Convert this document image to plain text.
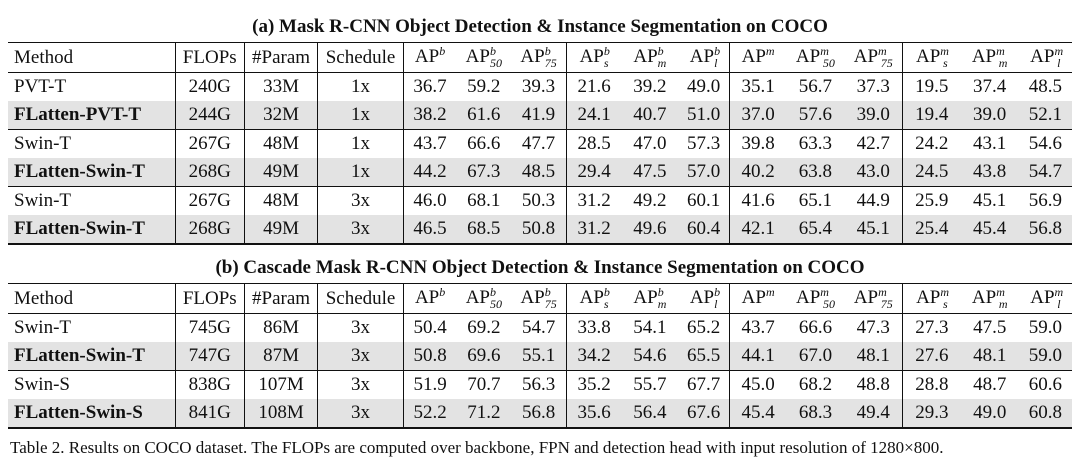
(a) Mask R-CNN Object Detection & Instance Segmentation on COCO															
Method	FLOPs	#Param	Schedule	$AP^b$	$AP^b_{50}$	$AP^b_{75}$	$AP^b_s$	$AP^b_m$	$AP^b_l$	$AP^m$	$AP^m_{50}$	$AP^m_{75}$	$AP^m_s$	$AP^m_m$	$AP^m_l$
PVT-T	240G	33M	1x	36.7	59.2	39.3	21.6	39.2	49.0	35.1	56.7	37.3	19.5	37.4	48.5
FLatten-PVT-T	244G	32M	1x	38.2	61.6	41.9	24.1	40.7	51.0	37.0	57.6	39.0	19.4	39.0	52.1
Swin-T	267G	48M	1x	43.7	66.6	47.7	28.5	47.0	57.3	39.8	63.3	42.7	24.2	43.1	54.6
FLatten-Swin-T	268G	49M	1x	44.2	67.3	48.5	29.4	47.5	57.0	40.2	63.8	43.0	24.5	43.8	54.7
Swin-T	267G	48M	3x	46.0	68.1	50.3	31.2	49.2	60.1	41.6	65.1	44.9	25.9	45.1	56.9
FLatten-Swin-T	268G	49M	3x	46.5	68.5	50.8	31.2	49.6	60.4	42.1	65.4	45.1	25.4	45.4	56.8
(b) Cascade Mask R-CNN Object Detection & Instance Segmentation on COCO															
Method	FLOPs	#Param	Schedule	$AP^b$	$AP^b_{50}$	$AP^b_{75}$	$AP^b_s$	$AP^b_m$	$AP^b_l$	$AP^m$	$AP^m_{50}$	$AP^m_{75}$	$AP^m_s$	$AP^m_m$	$AP^m_l$
Swin-T	745G	86M	3x	50.4	69.2	54.7	33.8	54.1	65.2	43.7	66.6	47.3	27.3	47.5	59.0
FLatten-Swin-T	747G	87M	3x	50.8	69.6	55.1	34.2	54.6	65.5	44.1	67.0	48.1	27.6	48.1	59.0
Swin-S	838G	107M	3x	51.9	70.7	56.3	35.2	55.7	67.7	45.0	68.2	48.8	28.8	48.7	60.6
FLatten-Swin-S	841G	108M	3x	52.2	71.2	56.8	35.6	56.4	67.6	45.4	68.3	49.4	29.3	49.0	60.8
Table 2. Results on COCO dataset. The FLOPs are computed over backbone, FPN and detection head with input resolution of 1280×800.
